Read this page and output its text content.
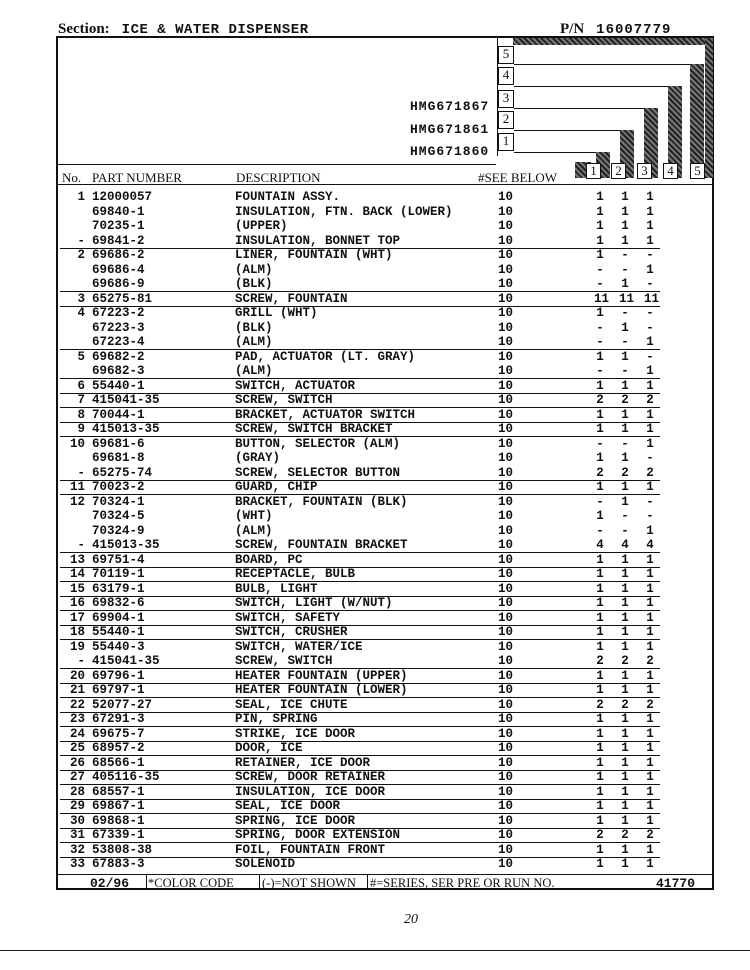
Section: ICE & WATER DISPENSER	P/N 16007779
5
4
3
2
1
HMG671867
HMG671861
HMG671860
No. PART NUMBER	DESCRIPTION	#SEE BELOW	1	2	3	4	5
1 12000057	FOUNTAIN ASSY.	10	1 1 1
69840-1	INSULATION, FTN. BACK (LOWER)	10	1 1 1
70235-1	(UPPER)	10	1 1 1
- 69841-2	INSULATION, BONNET TOP	10	1 1 1
2 69686-2	LINER, FOUNTAIN (WHT)	10	1 - -
69686-4	(ALM)	10	- - 1
69686-9	(BLK)	10	- 1 -
3 65275-81	SCREW, FOUNTAIN	10	11 11 11
4 67223-2	GRILL (WHT)	10	1 - -
67223-3	(BLK)	10	- 1 -
67223-4	(ALM)	10	- - 1
5 69682-2	PAD, ACTUATOR (LT. GRAY)	10	1 1 -
69682-3	(ALM)	10	- - 1
6 55440-1	SWITCH, ACTUATOR	10	1 1 1
7 415041-35	SCREW, SWITCH	10	2 2 2
8 70044-1	BRACKET, ACTUATOR SWITCH	10	1 1 1
9 415013-35	SCREW, SWITCH BRACKET	10	1 1 1
10 69681-6	BUTTON, SELECTOR (ALM)	10	- - 1
69681-8	(GRAY)	10	1 1 -
- 65275-74	SCREW, SELECTOR BUTTON	10	2 2 2
11 70023-2	GUARD, CHIP	10	1 1 1
12 70324-1	BRACKET, FOUNTAIN (BLK)	10	- 1 -
70324-5	(WHT)	10	1 - -
70324-9	(ALM)	10	- - 1
- 415013-35	SCREW, FOUNTAIN BRACKET	10	4 4 4
13 69751-4	BOARD, PC	10	1 1 1
14 70119-1	RECEPTACLE, BULB	10	1 1 1
15 63179-1	BULB, LIGHT	10	1 1 1
16 69832-6	SWITCH, LIGHT (W/NUT)	10	1 1 1
17 69904-1	SWITCH, SAFETY	10	1 1 1
18 55440-1	SWITCH, CRUSHER	10	1 1 1
19 55440-3	SWITCH, WATER/ICE	10	1 1 1
- 415041-35	SCREW, SWITCH	10	2 2 2
20 69796-1	HEATER FOUNTAIN (UPPER)	10	1 1 1
21 69797-1	HEATER FOUNTAIN (LOWER)	10	1 1 1
22 52077-27	SEAL, ICE CHUTE	10	2 2 2
23 67291-3	PIN, SPRING	10	1 1 1
24 69675-7	STRIKE, ICE DOOR	10	1 1 1
25 68957-2	DOOR, ICE	10	1 1 1
26 68566-1	RETAINER, ICE DOOR	10	1 1 1
27 405116-35	SCREW, DOOR RETAINER	10	1 1 1
28 68557-1	INSULATION, ICE DOOR	10	1 1 1
29 69867-1	SEAL, ICE DOOR	10	1 1 1
30 69868-1	SPRING, ICE DOOR	10	1 1 1
31 67339-1	SPRING, DOOR EXTENSION	10	2 2 2
32 53808-38	FOIL, FOUNTAIN FRONT	10	1 1 1
33 67883-3	SOLENOID	10	1 1 1
02/96 *COLOR CODE (-)=NOT SHOWN #=SERIES, SER PRE OR RUN NO.	41770
20
